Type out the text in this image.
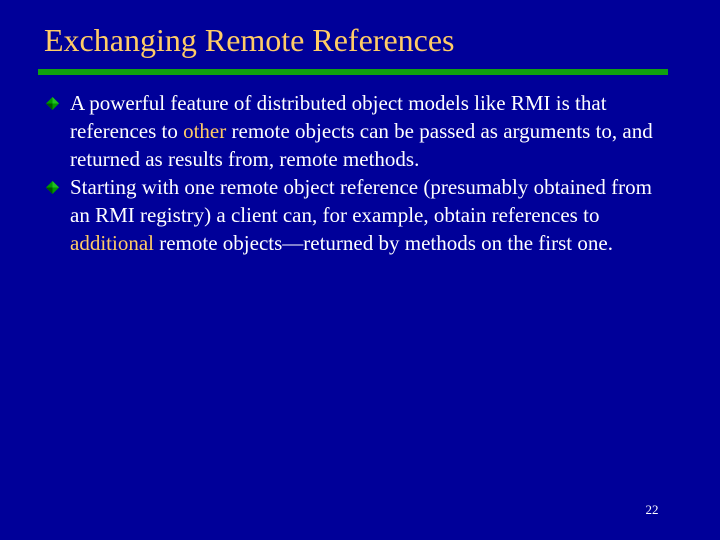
Exchanging Remote References
A powerful feature of distributed object models like RMI is that references to other remote objects can be passed as arguments to, and returned as results from, remote methods.
Starting with one remote object reference (presumably obtained from an RMI registry) a client can, for example, obtain references to additional remote objects—returned by methods on the first one.
22
